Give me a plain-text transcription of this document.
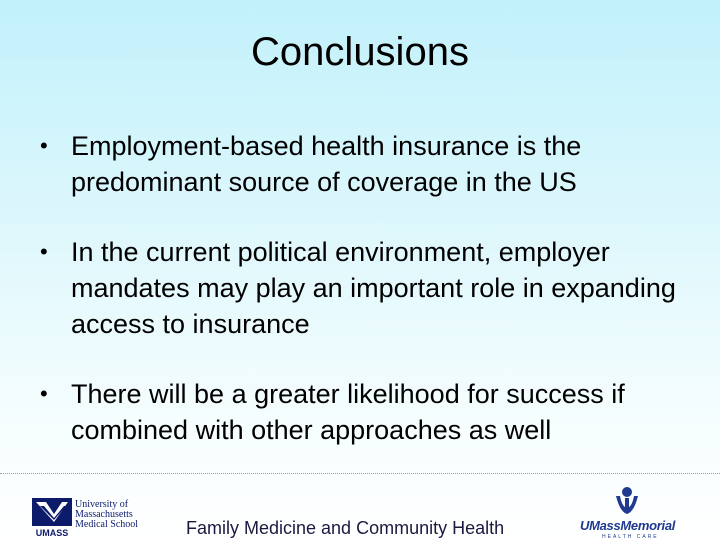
Conclusions
• Employment-based health insurance is the predominant source of coverage in the US
• In the current political environment, employer mandates may play an important role in expanding access to insurance
• There will be a greater likelihood for success if combined with other approaches as well
UMASS
University of
Massachusetts
Medical School	Family Medicine and Community Health	UMassMemorial
HEALTH CARE
